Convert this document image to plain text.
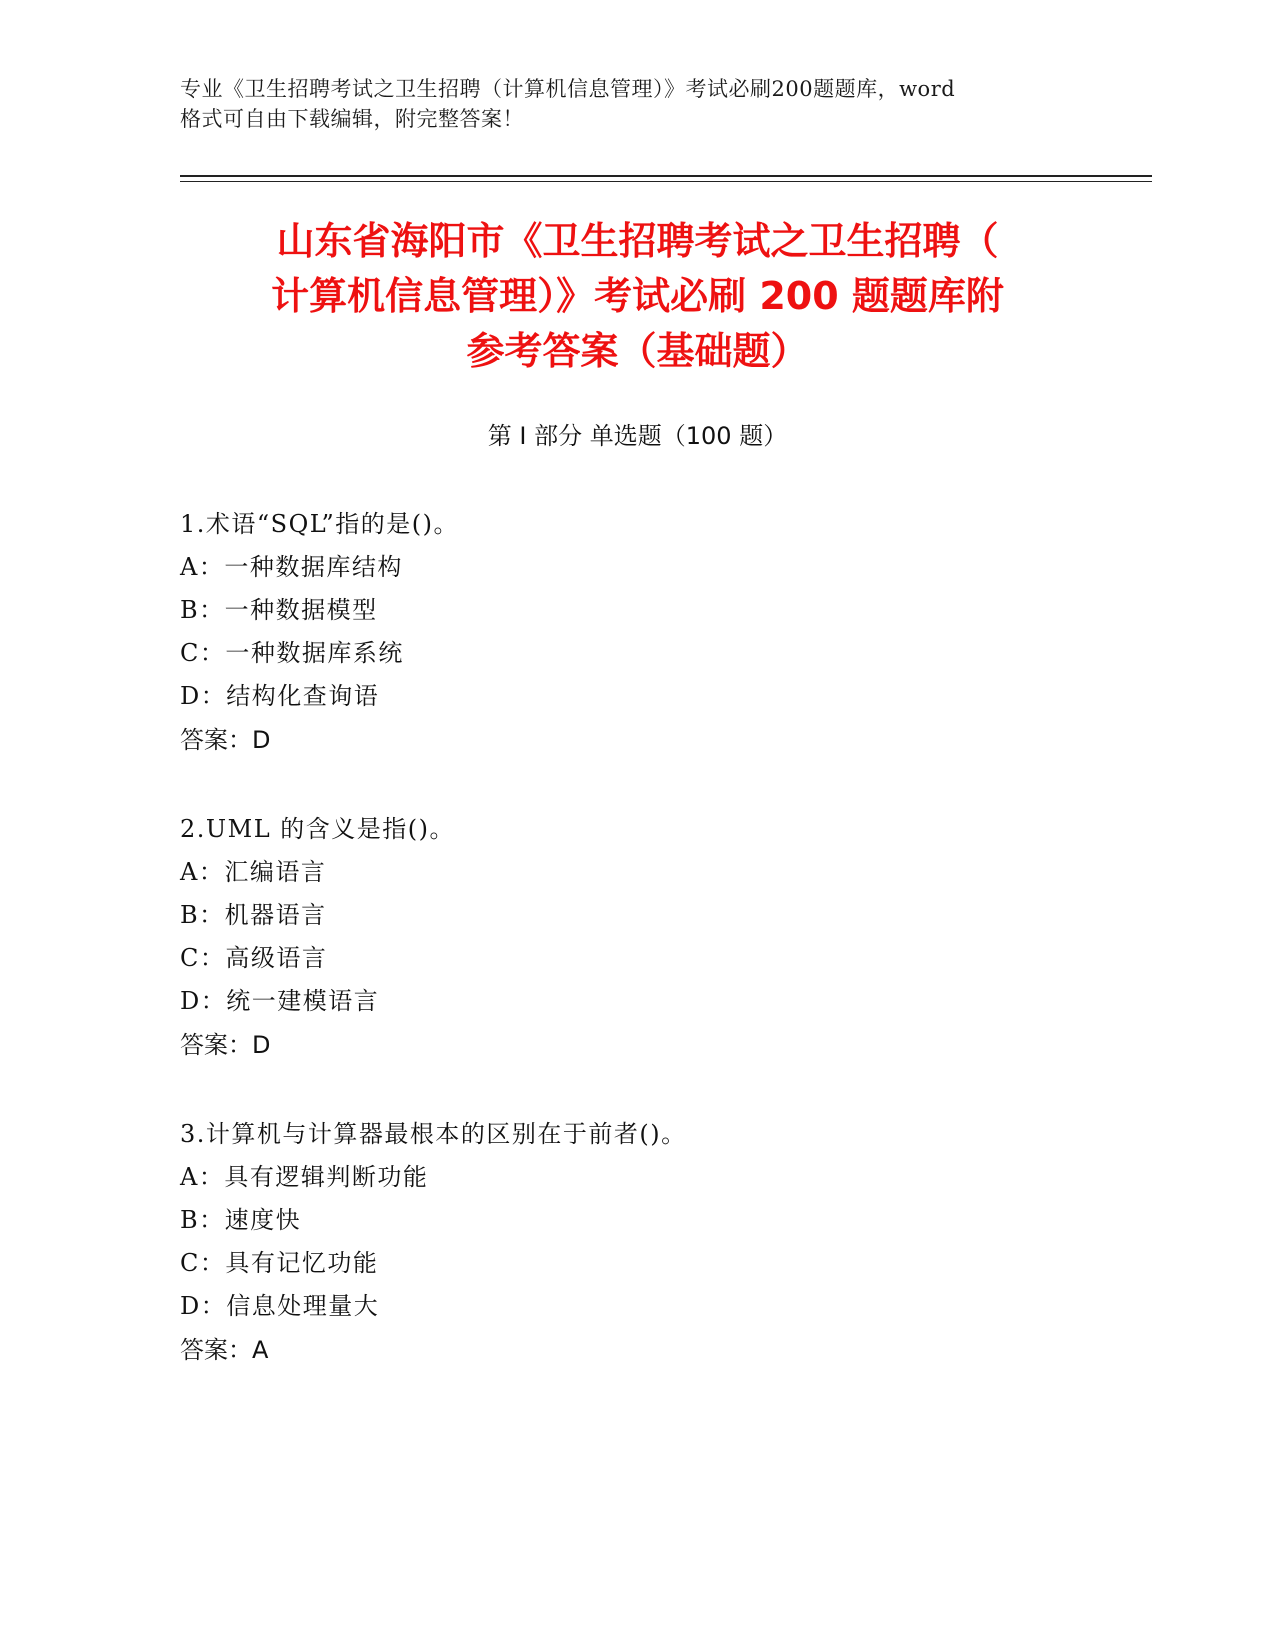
专业《卫生招聘考试之卫生招聘（计算机信息管理）》考试必刷200题题库，word
格式可自由下载编辑，附完整答案！
山东省海阳市《卫生招聘考试之卫生招聘（
计算机信息管理）》考试必刷 200 题题库附
参考答案（基础题）
第 I 部分 单选题（100 题）
1.术语“SQL”指的是()。
A：一种数据库结构
B：一种数据模型
C：一种数据库系统
D：结构化查询语
答案：D
2.UML 的含义是指()。
A：汇编语言
B：机器语言
C：高级语言
D：统一建模语言
答案：D
3.计算机与计算器最根本的区别在于前者()。
A：具有逻辑判断功能
B：速度快
C：具有记忆功能
D：信息处理量大
答案：A
